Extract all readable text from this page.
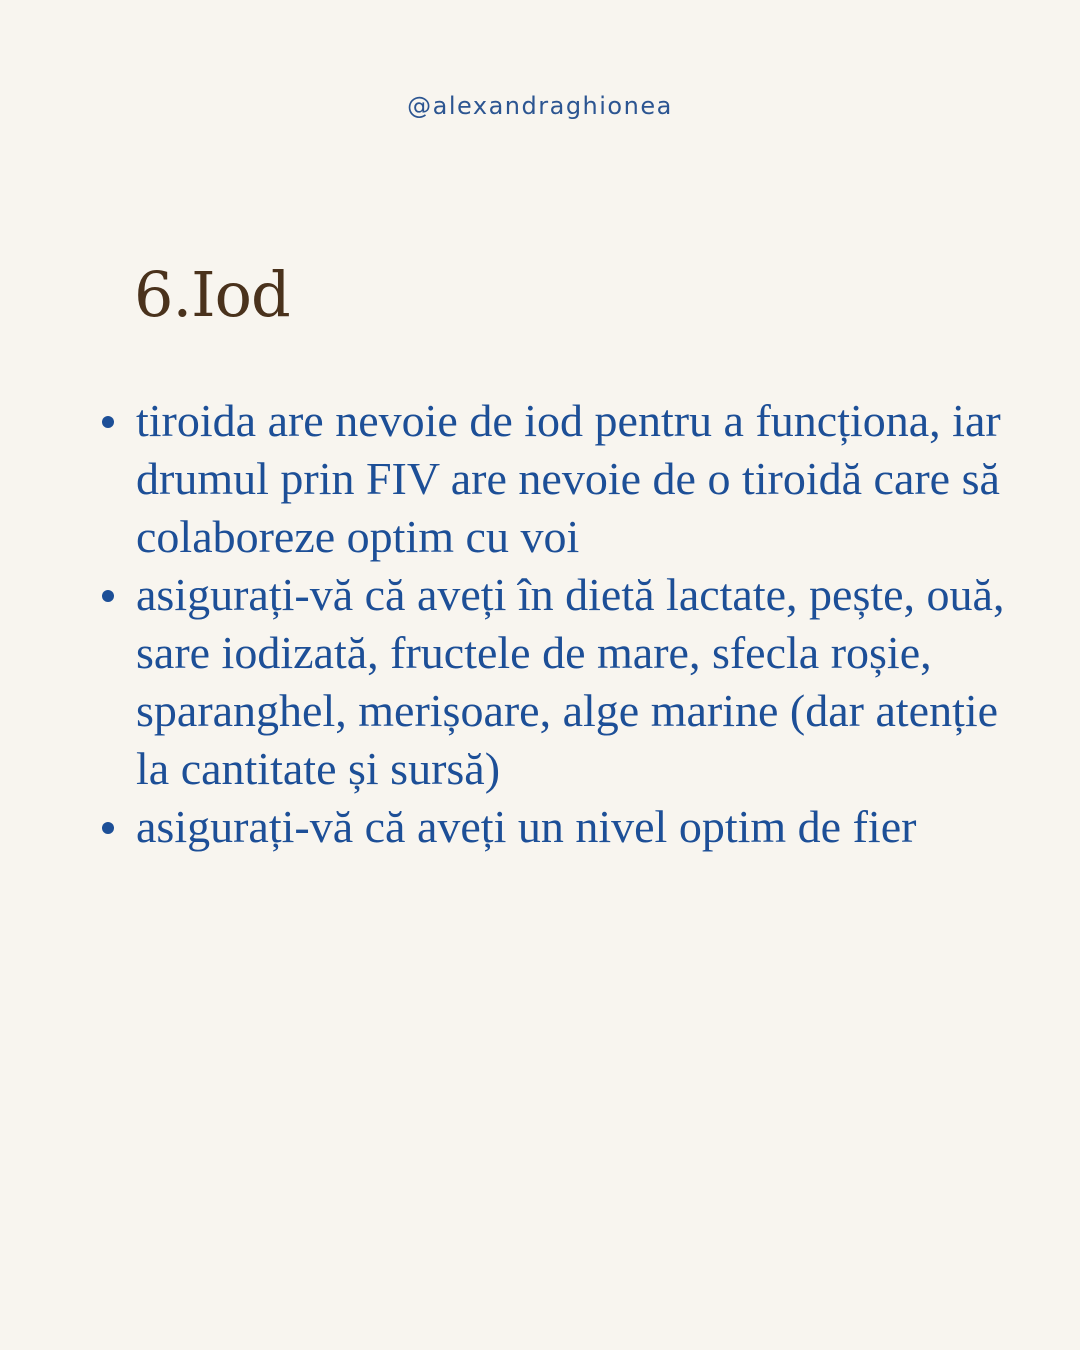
@alexandraghionea
6.Iod
tiroida are nevoie de iod pentru a funcționa, iar drumul prin FIV are nevoie de o tiroidă care să colaboreze optim cu voi
asigurați-vă că aveți în dietă lactate, pește, ouă, sare iodizată, fructele de mare, sfecla roșie, sparanghel, merișoare, alge marine (dar atenție la cantitate și sursă)
asigurați-vă că aveți un nivel optim de fier
